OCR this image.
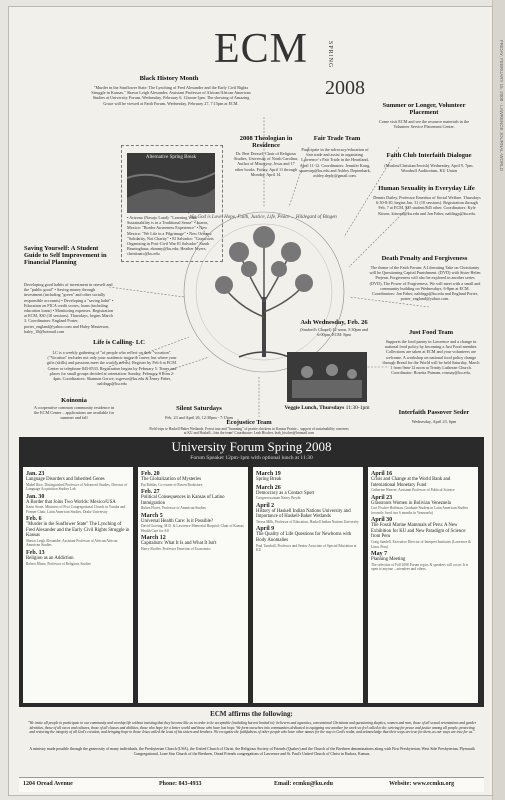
FRIDAY, FEBRUARY 15, 2008 · LAWRENCE JOURNAL-WORLD
ECM	SPRING
2008
Black History Month
"Murder in the Sunflower State: The Lynching of Fred Alexander and the Early Civil Rights Struggle in Kansas," Shawn Leigh Alexander, Assistant Professor of African/African American Studies at University Forum. Wednesday, February 6, 12noon-1pm. The showing of Amazing Grace will be viewed at Faith Forum, Wednesday, February 27, 7:15pm at ECM.	Summer or Longer, Volunteer Placement
Come visit ECM and see the resource materials in the Volunteer Service Placement Center.
2008 Theologian in Residence
Dr. Bert Dressel, Chair of Religious Studies, University of North Carolina, Author of Misogyny, Jesus and 17 other books. Friday, April 11 through Monday, April 14.
Fair Trade Team
Participate in the advocacy/education of fair trade and assist in organizing Lawrence' s Fair Trade in the Heartland, April 11-12. Coordinators: Jennifer Kong, sparestrp@ku.edu and Ashley Deptenbark, ashley.deply@gmail.com.
Faith Club Interfaith Dialogue
(Muslim/Christian/Jewish) Wednesday, April 9, 7pm. Woodruff Auditorium, KU Union
Alternative Spring Break
• Arizona (Navajo Land): "Learning What Sustainability is in a Traditional Sense" • Juarez, Mexico: "Border Awareness Experience" • New Mexico: "We Life in a Pilgrimage" • New Orleans: "Solidarity, Not Charity" • El Salvador: "Grassroots Organizing in Post-Civil War El Salvador" Sarah Bruninghaus, ekmmy@ku.edu; Heather Myers, christinatc@ku.edu
Human Sexuality in Everyday Life
Dennis Dailey, Professor Emeritus of Social Welfare. Thursdays 6:30-8:30, begins Jan. 31 (10 sessions). Registration through Feb. 7 at ECM, $35 student/$45 other. Coordinators: Kyle Kitson, kitsonn@ku.edu and Jon Faber, naldisgp@ku.edu.
Saving Yourself: A Student Guide to Self Improvement in Financial Planning
Developing good habits of investment in oneself and the "public good" • Saving money through investment (including "green" and other socially responsible accounts) • Developing a "saving habit" • Education on FICA credit scores, loans (including education loans) • Monitoring expenses. Registration at ECM, $30 (10 sessions). Thursdays, begins March 3. Coordinators: England Porter, porter_england@yahoo.com and Haley Masterson, haley_18@hotmail.com
So God is Love. Hope, Faith, Justice, Life, Peace ... Hildegard of Bingen
Death Penalty and Forgiveness
The theme of the Faith Forum: A Liberating Take on Christianity will be Questioning Capital Punishment. (DVD) with Sister Helen Prejean. Forgiveness will also be explored in another series (DVD), The Power of Forgiveness. We will meet with a small and community building on Wednesdays, 6-8pm at ECM. Coordinators: Jon Faber, naldisgp@ku.edu and England Porter, porter_england@yahoo.com.
Ash Wednesday, Feb. 26
(Sanford's Chapel) 12 noon, 5:30pm and 6:00pm. ECM: 8pm	Just Food Team
Supports the food pantry in Lawrence and a change in national food policy by becoming a Just Food member. Collections are taken at ECM and your volunteers are welcome. A workshop on national food policy change through Bread for the World will be held Saturday, March 1 from 9am-12 noon at Trinity Lutheran Church. Coordinator: Rosetta Putnam, rosmay@ku.edu.
Life is Calling- LC
LC is a weekly gathering of "of people who reflect on their "vocation". ("Vocation" includes not only your academic major or career, but where your gifts (skills) and passions meet the world's needs). Register by Feb 6 at ECM. Center or telephone 843-8533. Registration begins by February 5. Times and places for small groups decided at orientation: Sunday, February 3 from 2-4pm. Coordinators: Shannon Gerwe, ssgerwe@ku.edu & Jenny Faber, naldisgp@ku.edu
Veggie Lunch, Thursdays 11:30-1pm
Koinonia
A cooperative common community residence in the ECM Center – applications are available for summer and fall
Silent Saturdays
Feb. 23 and April 26, 12:30pm - 7:15pm
Ecojustice Team
Field trips to Haskell Baker Wetlands, Forest tour and "brunning" of prairie chickens in Kansas Prairie... support of sustainability concerns at KU and Haskell...Join the team! Coordinator: Leah Hischer, leah_hischer@hotmail.com
Interfaith Passover Seder
Wednesday, April 23, 6pm
University Forum Spring 2008
Forum Speaker 12pm-1pm with optional lunch at 11:30
Jan. 23
Language Disorders and Inherited Genes
Mabel Rice, Distinguished Professor of Advanced Studies, Director of Language Acquisition Studies Lab
Jan. 30
A Border that Joins Two Worlds: Mexico/USA
Karin Stone, Ministers of Five Congregational Church in Yuruba and Former Chair, Latin American Studies, Drake University
Feb. 6
"Murder in the Sunflower State" The Lynching of Fred Alexander and the Early Civil Rights Struggle in Kansas
Shawn Leigh Alexander, Assistant Professor of African/African American Studies
Feb. 13
Religion as an Addiction
Robert Minor, Professor of Religious Studies
Feb. 20
The Globalization of Mysteries
Pat Roblas, Co-owner of Raven Bookstore
Feb. 27
Political Consequences in Kansas of Latino Immigration
Ruben Flores, Professor of American Studies
March 5
Universal Health Care: Is it Possible?
David Goering, M.D. & Lawrence Memorial Hospital; Chair of Kansas Health Care for All
March 12
Capitalism: What It Is and What It Isn't
Harry Shaffer, Professor Emeritus of Economics
March 19
Spring Break
March 26
Democracy as a Contact Sport
Congresswoman Nancy Boyda
April 2
History of Haskell Indian Nations University and Importance of Haskell-Baker Wetlands
Teresa Milk, Professor of Education, Haskell Indian Nations University
April 9
The Quality of Life Questions for Newborns with Body Anomalies
Paul Turnbull, Professor and Senior Associate of Special Education at KU
April 16
Crisis and Change at the World Bank and International Monetary Fund
Catherine Weaver, Assistant Professor of Political Science
April 23
Grassroots Women in Bolivian Venezuela
Cori Fischer Hoffman, Graduate Student in Latin American Studies (recently lived two 6 months in Venezuela)
April 30
The Fossil Marine Mammals of Peru: A New Exhibition for KU and New Paradigm of Science from Peru
Craig Sandell, Executive Director of Interpret Institutes (Lawrence & Lima, Peru)
May 7
Planning Meeting
The selection of Fall 2008 Forum topics & speakers will occur. It is open to anyone – attendees and others.
ECM affirms the following:
"We invite all people to participate in our community and worship life without insisting that they become like us in order to be acceptable (including but not limited to): believers and agnostics, conventional Christians and questioning skeptics, women and men, those of all sexual orientations and gender identities, those of all races and cultures, those of all classes and abilities, those who hope for a better world and those who have lost hope. We form ourselves into communities dedicated to equipping one another for work we feel called to do: striving for peace and justice among all people, protecting and restoring the integrity of all God's creation, and bringing hope to those Jesus called the least of his sisters and brothers. We recognize the faithfulness of other people who have other names for the way to God's realm, and acknowledge that their ways are true for them, as our ways are true for us."
A ministry made possible through the generosity of many individuals, the Presbyterian Church (USA), the United Church of Christ, the Religious Society of Friends (Quaker) and the Church of the Brethren denominations along with First Presbyterian, West Side Presbyterian, Plymouth Congregational, Lone Star Church of the Brethren, Oread Friends congregations of Lawrence and St. Paul's United Church of Christ in Eudora, Kansas.
1204 Oread Avenue	Phone: 843-4933	Email: ecmku@ku.edu	Website: www.ecmku.org
